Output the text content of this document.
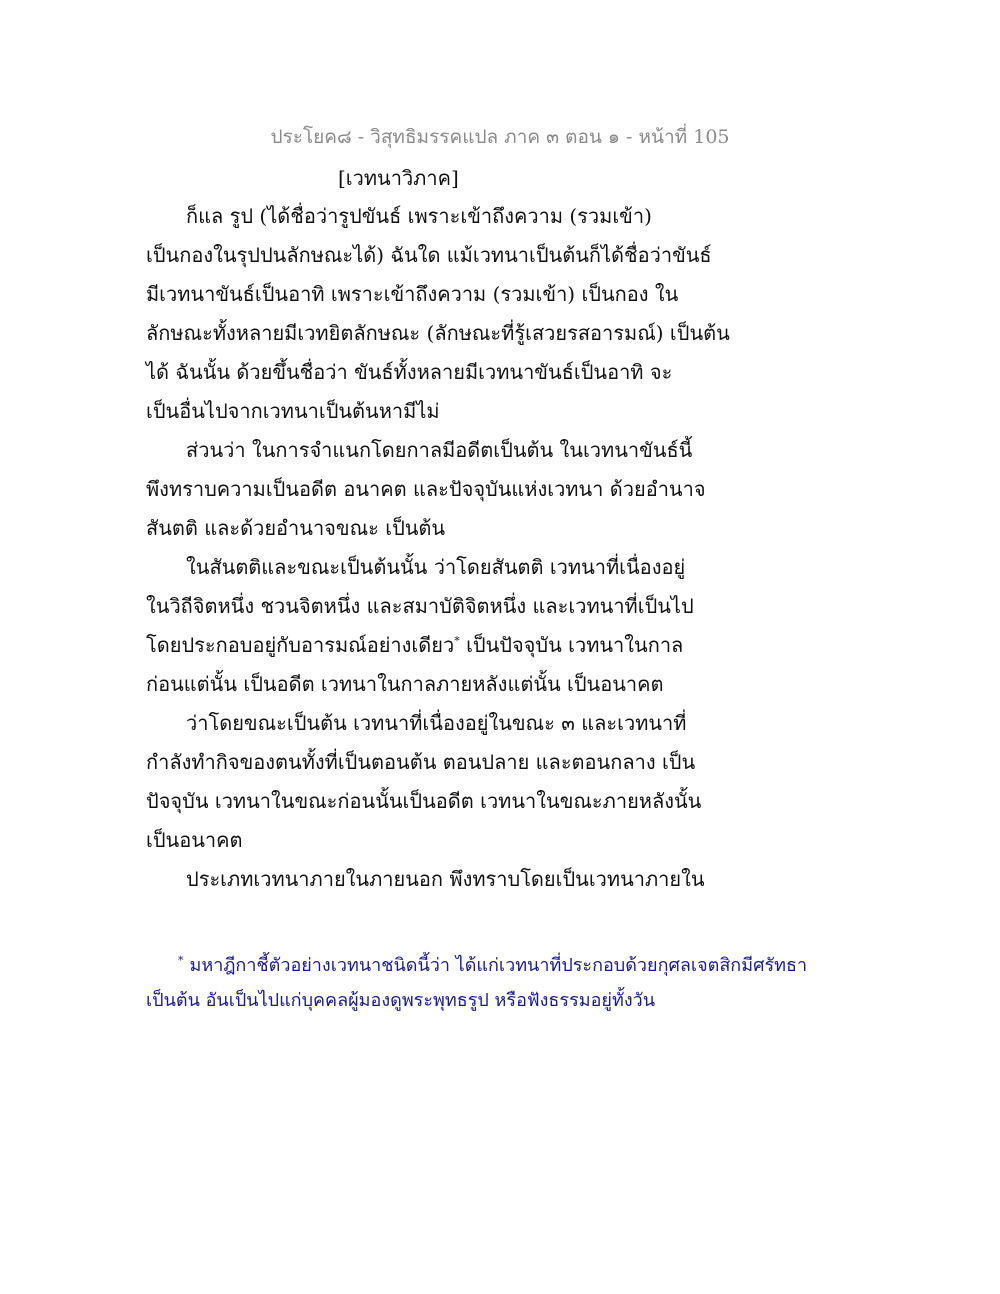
ประโยค๘ - วิสุทธิมรรคแปล ภาค ๓ ตอน ๑ - หน้าที่ 105
[เวทนาวิภาค]
ก็แล รูป (ได้ชื่อว่ารูปขันธ์ เพราะเข้าถึงความ (รวมเข้า)
เป็นกองในรุปปนลักษณะได้) ฉันใด แม้เวทนาเป็นต้นก็ได้ชื่อว่าขันธ์
มีเวทนาขันธ์เป็นอาทิ เพราะเข้าถึงความ (รวมเข้า) เป็นกอง ใน
ลักษณะทั้งหลายมีเวทยิตลักษณะ (ลักษณะที่รู้เสวยรสอารมณ์) เป็นต้น
ได้ ฉันนั้น ด้วยขึ้นชื่อว่า ขันธ์ทั้งหลายมีเวทนาขันธ์เป็นอาทิ จะ
เป็นอื่นไปจากเวทนาเป็นต้นหามีไม่
ส่วนว่า ในการจำแนกโดยกาลมีอดีตเป็นต้น ในเวทนาขันธ์นี้
พึงทราบความเป็นอดีต อนาคต และปัจจุบันแห่งเวทนา ด้วยอำนาจ
สันตติ และด้วยอำนาจขณะ เป็นต้น
ในสันตติและขณะเป็นต้นนั้น ว่าโดยสันตติ เวทนาที่เนื่องอยู่
ในวิถีจิตหนึ่ง ชวนจิตหนึ่ง และสมาบัติจิตหนึ่ง และเวทนาที่เป็นไป
โดยประกอบอยู่กับอารมณ์อย่างเดียว* เป็นปัจจุบัน เวทนาในกาล
ก่อนแต่นั้น เป็นอดีต เวทนาในกาลภายหลังแต่นั้น เป็นอนาคต
ว่าโดยขณะเป็นต้น เวทนาที่เนื่องอยู่ในขณะ ๓ และเวทนาที่
กำลังทำกิจของตนทั้งที่เป็นตอนต้น ตอนปลาย และตอนกลาง เป็น
ปัจจุบัน เวทนาในขณะก่อนนั้นเป็นอดีต เวทนาในขณะภายหลังนั้น
เป็นอนาคต
ประเภทเวทนาภายในภายนอก พึงทราบโดยเป็นเวทนาภายใน
* มหาฎีกาชี้ตัวอย่างเวทนาชนิดนี้ว่า ได้แก่เวทนาที่ประกอบด้วยกุศลเจตสิกมีศรัทธา
เป็นต้น อันเป็นไปแก่บุคคลผู้มองดูพระพุทธรูป หรือฟังธรรมอยู่ทั้งวัน
